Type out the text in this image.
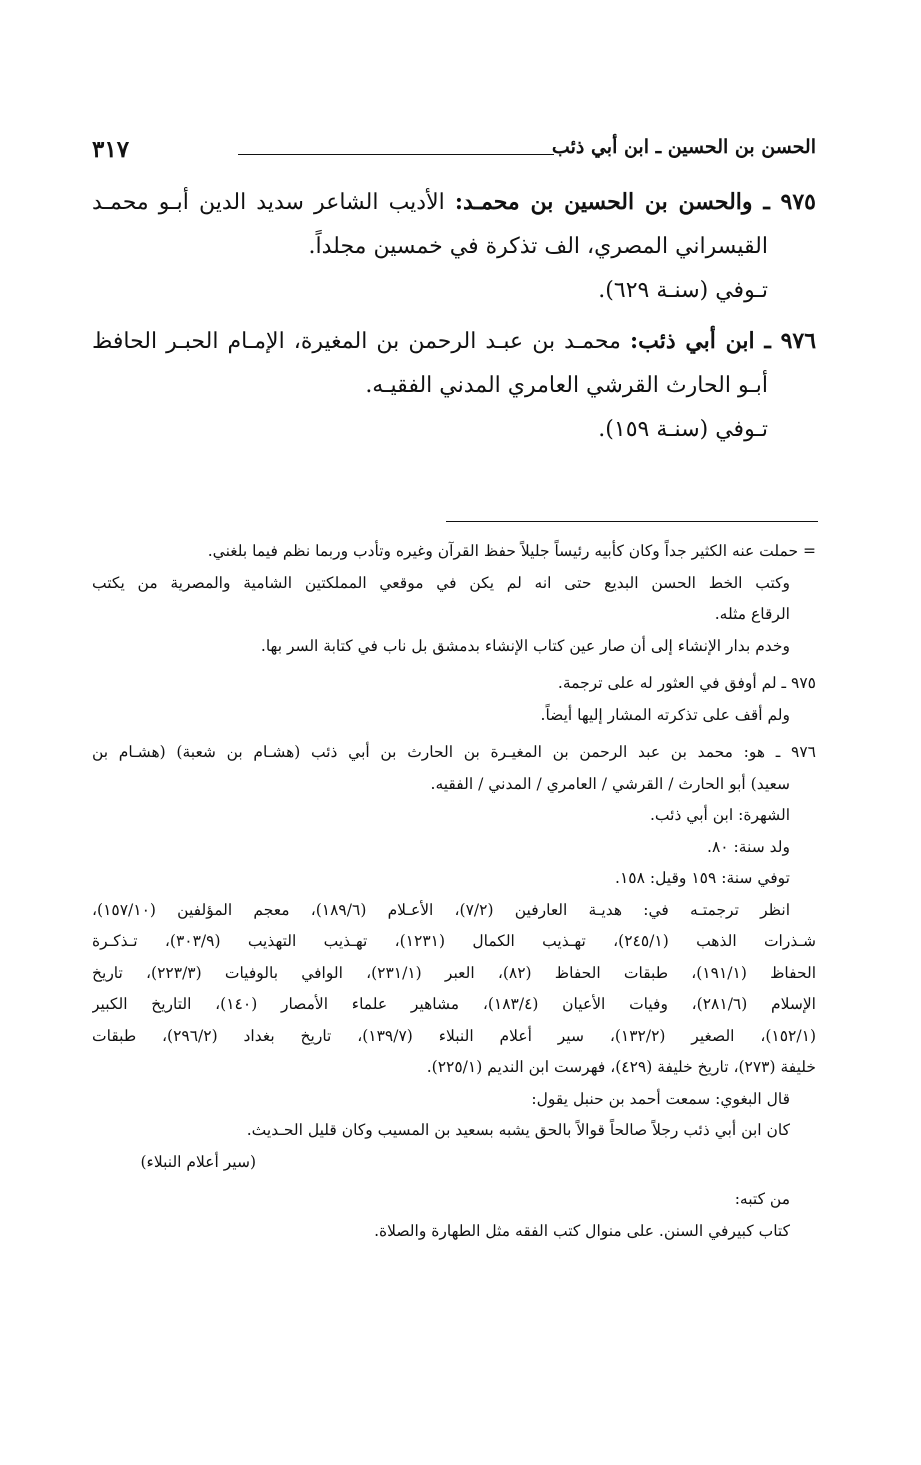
الحسن بن الحسين ـ ابن أبي ذئب
٣١٧
٩٧٥ ـ والحسن بن الحسين بن محمـد: الأديب الشاعر سديد الدين أبـو محمـد
القيسراني المصري، الف تذكرة في خمسين مجلداً.
تـوفي (سنـة ٦٢٩).
٩٧٦ ـ ابن أبي ذئب: محمـد بن عبـد الرحمن بن المغيرة، الإمـام الحبـر الحافظ
أبـو الحارث القرشي العامري المدني الفقيـه.
تـوفي (سنـة ١٥٩).
= حملت عنه الكثير جداً وكان كأبيه رئيساً جليلاً حفظ القرآن وغيره وتأدب وربما نظم فيما بلغني.
وكتب الخط الحسن البديع حتى انه لم يكن في موقعي المملكتين الشامية والمصرية من يكتب
الرقاع مثله.
وخدم بدار الإنشاء إلى أن صار عين كتاب الإنشاء بدمشق بل ناب في كتابة السر بها.
٩٧٥ ـ لم أوفق في العثور له على ترجمة.
ولم أقف على تذكرته المشار إليها أيضاً.
٩٧٦ ـ هو: محمد بن عبد الرحمن بن المغيـرة بن الحارث بن أبي ذئب (هشـام بن شعبة) (هشـام بن
سعيد) أبو الحارث / القرشي / العامري / المدني / الفقيه.
الشهرة: ابن أبي ذئب.
ولد سنة: ٨٠.
توفي سنة: ١٥٩ وقيل: ١٥٨.
انظر ترجمتـه في: هديـة العارفين (٧/٢)، الأعـلام (١٨٩/٦)، معجم المؤلفين (١٥٧/١٠)،
شـذرات الذهب (٢٤٥/١)، تهـذيب الكمال (١٢٣١)، تهـذيب التهذيب (٣٠٣/٩)، تـذكـرة
الحفاظ (١٩١/١)، طبقات الحفاظ (٨٢)، العبر (٢٣١/١)، الوافي بالوفيات (٢٢٣/٣)، تاريخ
الإسلام (٢٨١/٦)، وفيات الأعيان (١٨٣/٤)، مشاهير علماء الأمصار (١٤٠)، التاريخ الكبير
(١٥٢/١)، الصغير (١٣٢/٢)، سير أعلام النبلاء (١٣٩/٧)، تاريخ بغداد (٢٩٦/٢)، طبقات
خليفة (٢٧٣)، تاريخ خليفة (٤٢٩)، فهرست ابن النديم (٢٢٥/١).
قال البغوي: سمعت أحمد بن حنبل يقول:
كان ابن أبي ذئب رجلاً صالحاً قوالاً بالحق يشبه بسعيد بن المسيب وكان قليل الحـديث.
(سير أعلام النبلاء)
من كتبه:
كتاب كبيرفي السنن. على منوال كتب الفقه مثل الطهارة والصلاة.
